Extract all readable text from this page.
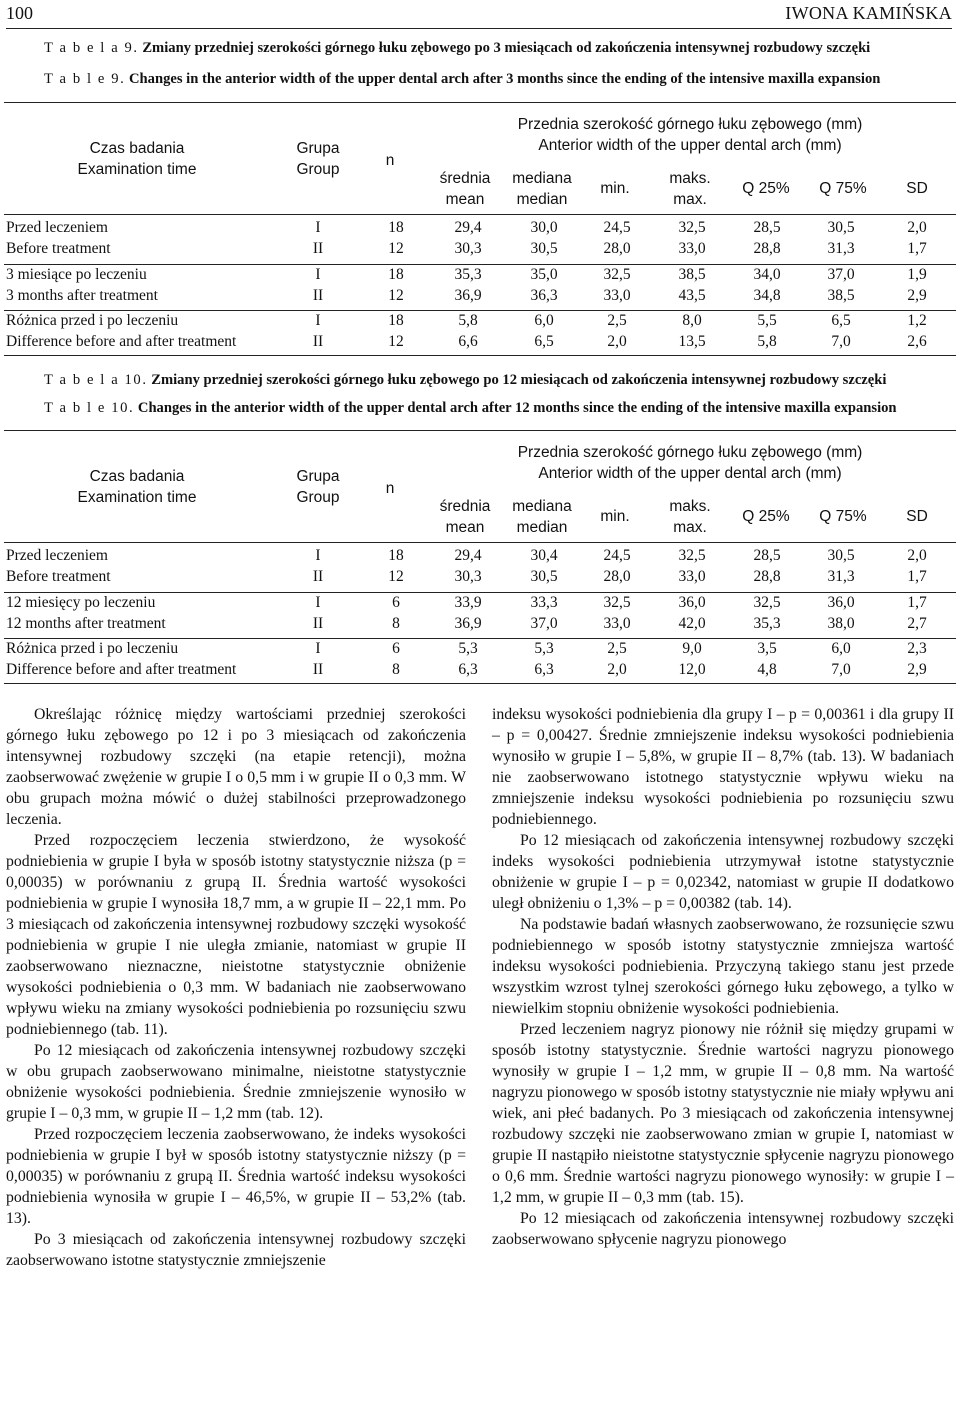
100	IWONA KAMIŃSKA
T a b e l a 9. Zmiany przedniej szerokości górnego łuku zębowego po 3 miesiącach od zakończenia intensywnej rozbudowy szczęki
T a b l e 9. Changes in the anterior width of the upper dental arch after 3 months since the ending of the intensive maxilla expansion
Czas badania
Examination time
Grupa
Group
n
Przednia szerokość górnego łuku zębowego (mm)
Anterior width of the upper dental arch (mm)
średnia
mean
mediana
median
min.
maks.
max.
Q 25% Q 75%	SD
Przed leczeniem	I	18	29,4	30,0	24,5	32,5	28,5	30,5	2,0
Before treatment	II	12	30,3	30,5	28,0	33,0	28,8	31,3	1,7
3 miesiące po leczeniu	I	18	35,3	35,0	32,5	38,5	34,0	37,0	1,9
3 months after treatment	II	12	36,9	36,3	33,0	43,5	34,8	38,5	2,9
Różnica przed i po leczeniu	I	18	5,8	6,0	2,5	8,0	5,5	6,5	1,2
Difference before and after treatment	II	12	6,6	6,5	2,0	13,5	5,8	7,0	2,6
T a b e l a 10. Zmiany przedniej szerokości górnego łuku zębowego po 12 miesiącach od zakończenia intensywnej rozbudowy szczęki
T a b l e 10. Changes in the anterior width of the upper dental arch after 12 months since the ending of the intensive maxilla expansion
Czas badania
Examination time
Grupa
Group
n
Przednia szerokość górnego łuku zębowego (mm)
Anterior width of the upper dental arch (mm)
średnia
mean
mediana
median
min.
maks.
max.
Q 25% Q 75%	SD
Przed leczeniem	I	18	29,4	30,4	24,5	32,5	28,5	30,5	2,0
Before treatment	II	12	30,3	30,5	28,0	33,0	28,8	31,3	1,7
12 miesięcy po leczeniu	I	6	33,9	33,3	32,5	36,0	32,5	36,0	1,7
12 months after treatment	II	8	36,9	37,0	33,0	42,0	35,3	38,0	2,7
Różnica przed i po leczeniu	I	6	5,3	5,3	2,5	9,0	3,5	6,0	2,3
Difference before and after treatment	II	8	6,3	6,3	2,0	12,0	4,8	7,0	2,9

Określając różnicę między wartościami przedniej szerokości górnego łuku zębowego po 12 i po 3 miesiącach od zakończenia intensywnej rozbudowy szczęki (na etapie retencji), można zaobserwować zwężenie w grupie I o 0,5 mm i w grupie II o 0,3 mm. W obu grupach można mówić o dużej stabilności przeprowadzonego leczenia.

Przed rozpoczęciem leczenia stwierdzono, że wysokość podniebienia w grupie I była w sposób istotny statystycznie niższa (p = 0,00035) w porównaniu z grupą II. Średnia wartość wysokości podniebienia w grupie I wynosiła 18,7 mm, a w grupie II – 22,1 mm. Po 3 miesiącach od zakończenia intensywnej rozbudowy szczęki wysokość podniebienia w grupie I nie uległa zmianie, natomiast w grupie II zaobserwowano nieznaczne, nieistotne statystycznie obniżenie wysokości podniebienia o 0,3 mm. W badaniach nie zaobserwowano wpływu wieku na zmiany wysokości podniebienia po rozsunięciu szwu podniebiennego (tab. 11).

Po 12 miesiącach od zakończenia intensywnej rozbudowy szczęki w obu grupach zaobserwowano minimalne, nieistotne statystycznie obniżenie wysokości podniebienia. Średnie zmniejszenie wynosiło w grupie I – 0,3 mm, w grupie II – 1,2 mm (tab. 12).

Przed rozpoczęciem leczenia zaobserwowano, że indeks wysokości podniebienia w grupie I był w sposób istotny statystycznie niższy (p = 0,00035) w porównaniu z grupą II. Średnia wartość indeksu wysokości podniebienia wynosiła w grupie I – 46,5%, w grupie II – 53,2% (tab. 13).

Po 3 miesiącach od zakończenia intensywnej rozbudowy szczęki zaobserwowano istotne statystycznie zmniejszenie

indeksu wysokości podniebienia dla grupy I – p = 0,00361 i dla grupy II – p = 0,00427. Średnie zmniejszenie indeksu wysokości podniebienia wynosiło w grupie I – 5,8%, w grupie II – 8,7% (tab. 13). W badaniach nie zaobserwowano istotnego statystycznie wpływu wieku na zmniejszenie indeksu wysokości podniebienia po rozsunięciu szwu podniebiennego.

Po 12 miesiącach od zakończenia intensywnej rozbudowy szczęki indeks wysokości podniebienia utrzymywał istotne statystycznie obniżenie w grupie I – p = 0,02342, natomiast w grupie II dodatkowo uległ obniżeniu o 1,3% – p = 0,00382 (tab. 14).

Na podstawie badań własnych zaobserwowano, że rozsunięcie szwu podniebiennego w sposób istotny statystycznie zmniejsza wartość indeksu wysokości podniebienia. Przyczyną takiego stanu jest przede wszystkim wzrost tylnej szerokości górnego łuku zębowego, a tylko w niewielkim stopniu obniżenie wysokości podniebienia.

Przed leczeniem nagryz pionowy nie różnił się między grupami w sposób istotny statystycznie. Średnie wartości nagryzu pionowego wynosiły w grupie I – 1,2 mm, w grupie II – 0,8 mm. Na wartość nagryzu pionowego w sposób istotny statystycznie nie miały wpływu ani wiek, ani płeć badanych. Po 3 miesiącach od zakończenia intensywnej rozbudowy szczęki nie zaobserwowano zmian w grupie I, natomiast w grupie II nastąpiło nieistotne statystycznie spłycenie nagryzu pionowego o 0,6 mm. Średnie wartości nagryzu pionowego wynosiły: w grupie I – 1,2 mm, w grupie II – 0,3 mm (tab. 15).

Po 12 miesiącach od zakończenia intensywnej rozbudowy szczęki zaobserwowano spłycenie nagryzu pionowego
